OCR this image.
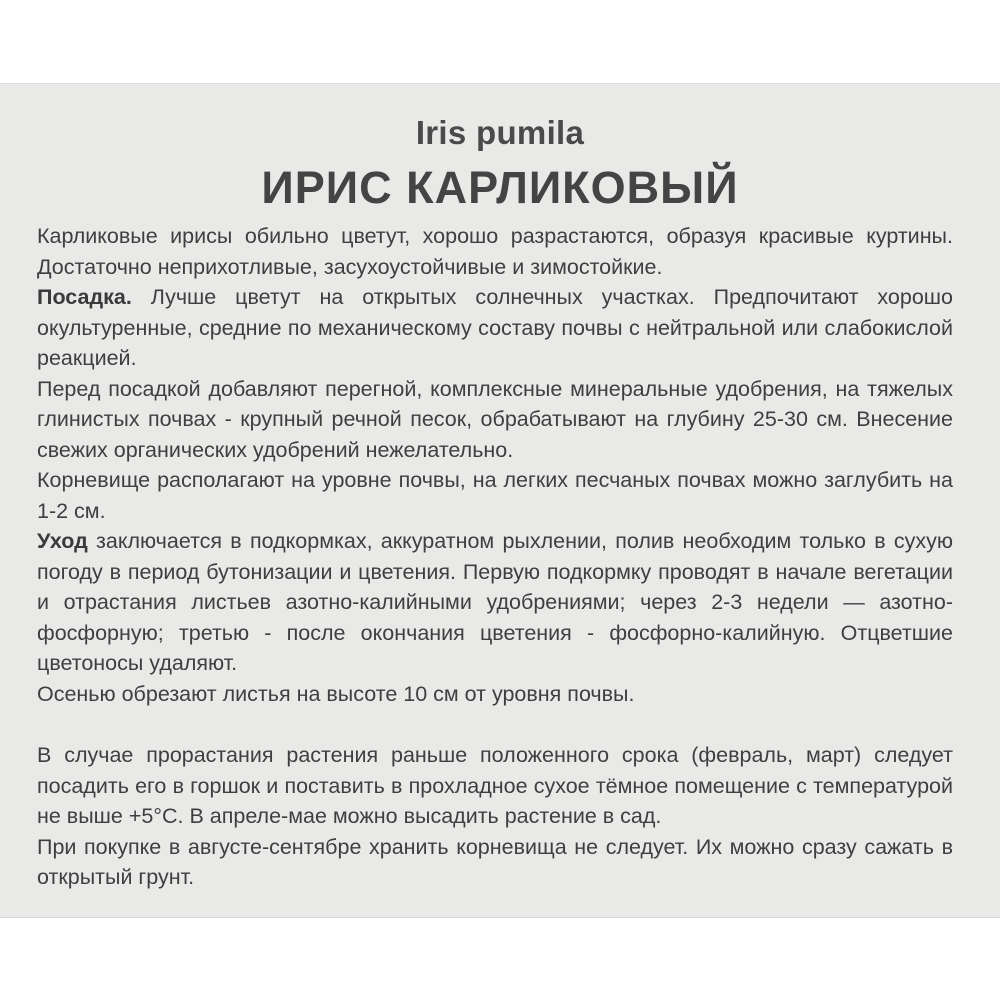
Iris pumila
ИРИС КАРЛИКОВЫЙ

Карликовые ирисы обильно цветут, хорошо разрастаются, образуя красивые куртины. Достаточно неприхотливые, засухоустойчивые и зимостойкие.

Посадка. Лучше цветут на открытых солнечных участках. Предпочитают хорошо окультуренные, средние по механическому составу почвы с нейтральной или слабокислой реакцией.

Перед посадкой добавляют перегной, комплексные минеральные удобрения, на тяжелых глинистых почвах - крупный речной песок, обрабатывают на глубину 25-30 см. Внесение свежих органических удобрений нежелательно.

Корневище располагают на уровне почвы, на легких песчаных почвах можно заглубить на 1-2 см.

Уход заключается в подкормках, аккуратном рыхлении, полив необходим только в сухую погоду в период бутонизации и цветения. Первую подкормку проводят в начале вегетации и отрастания листьев азотно-калийными удобрениями; через 2-3 недели — азотно-фосфорную; третью - после окончания цветения - фосфорно-калийную. Отцветшие цветоносы удаляют.

Осенью обрезают листья на высоте 10 см от уровня почвы.

В случае прорастания растения раньше положенного срока (февраль, март) следует посадить его в горшок и поставить в прохладное сухое тёмное помещение с температурой не выше +5°С. В апреле-мае можно высадить растение в сад.

При покупке в августе-сентябре хранить корневища не следует. Их можно сразу сажать в открытый грунт.
